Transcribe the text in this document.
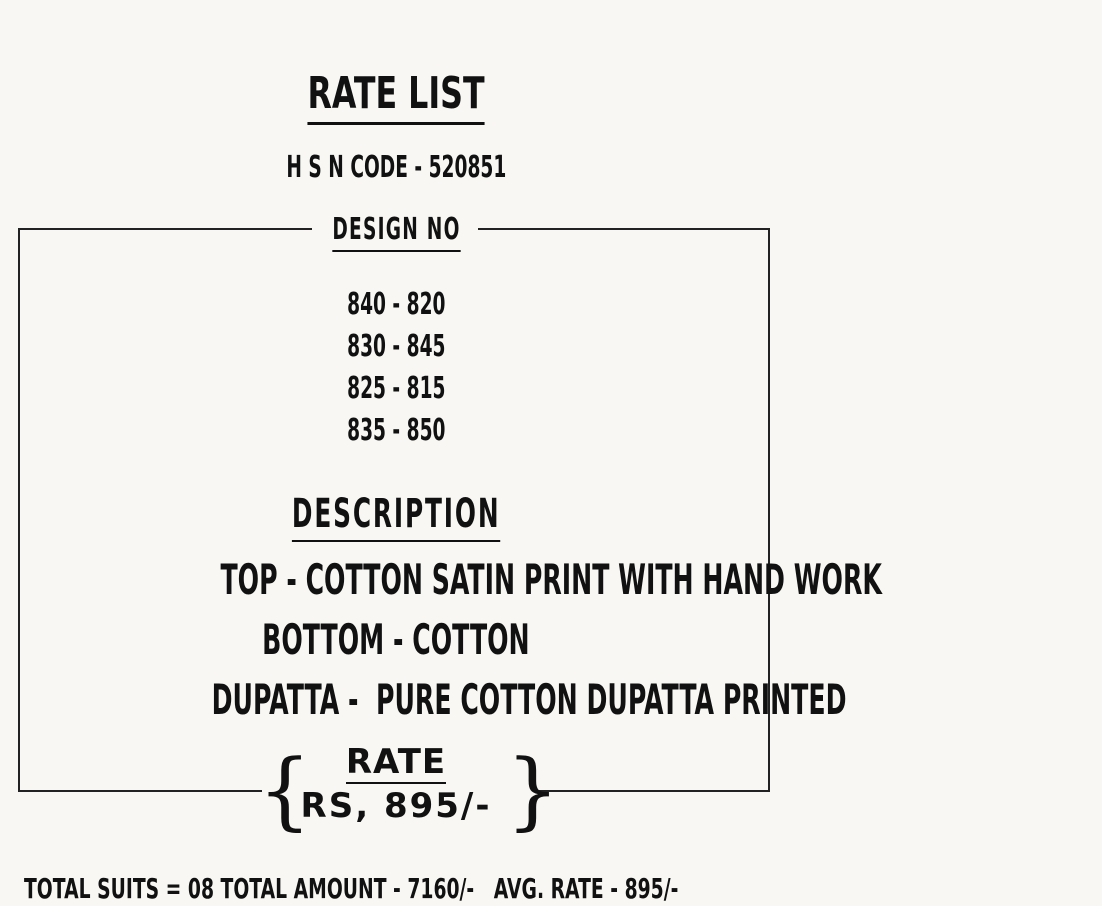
RATE LIST
H S N CODE - 520851
DESIGN NO
840 - 820
830 - 845
825 - 815
835 - 850
DESCRIPTION
TOP - COTTON SATIN PRINT WITH HAND WORK
BOTTOM - COTTON
DUPATTA -  PURE COTTON DUPATTA PRINTED
{ }
RATE
RS, 895/-
TOTAL SUITS = 08 TOTAL AMOUNT - 7160/-   AVG. RATE - 895/-
